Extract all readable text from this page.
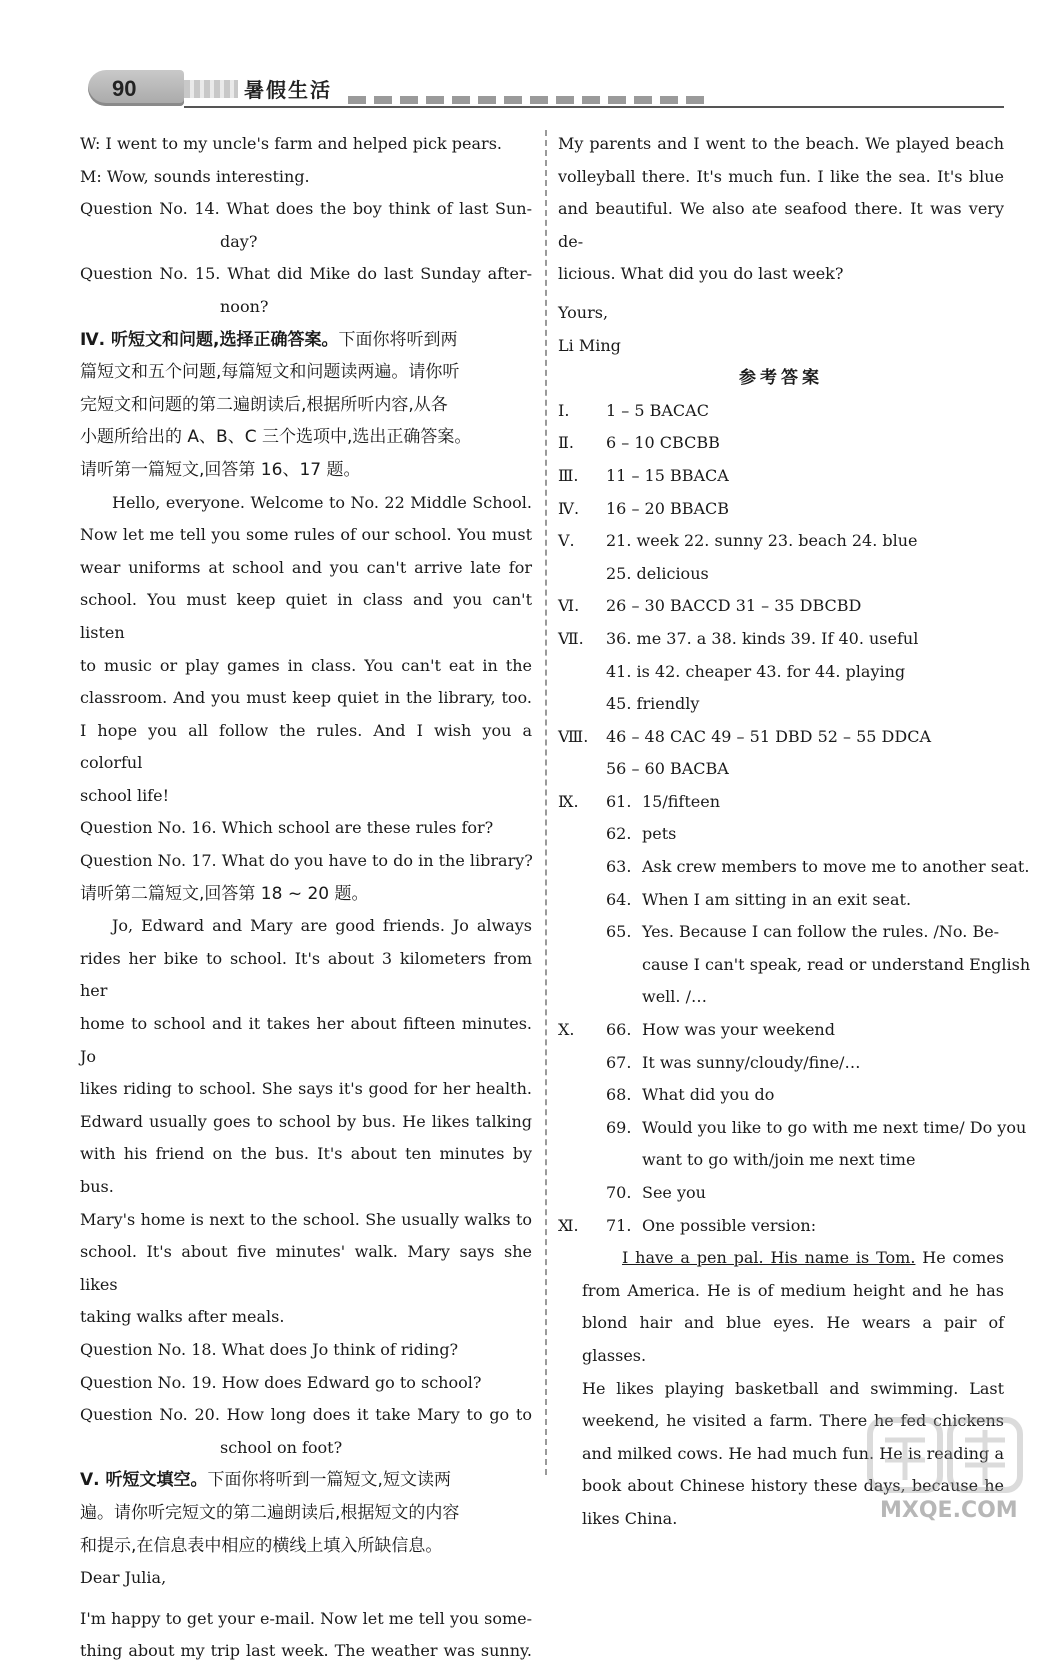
90	暑假生活

W: I went to my uncle's farm and helped pick pears.

M: Wow, sounds interesting.

Question No. 14. What does the boy think of last Sun-

day?

Question No. 15. What did Mike do last Sunday after-

noon?

Ⅳ. 听短文和问题,选择正确答案。下面你将听到两

篇短文和五个问题,每篇短文和问题读两遍。请你听

完短文和问题的第二遍朗读后,根据所听内容,从各

小题所给出的 A、B、C 三个选项中,选出正确答案。

请听第一篇短文,回答第 16、17 题。

Hello, everyone. Welcome to No. 22 Middle School.

Now let me tell you some rules of our school. You must

wear uniforms at school and you can't arrive late for

school. You must keep quiet in class and you can't listen

to music or play games in class. You can't eat in the

classroom. And you must keep quiet in the library, too.

I hope you all follow the rules. And I wish you a colorful

school life!

Question No. 16. Which school are these rules for?

Question No. 17. What do you have to do in the library?

请听第二篇短文,回答第 18 ~ 20 题。

Jo, Edward and Mary are good friends. Jo always

rides her bike to school. It's about 3 kilometers from her

home to school and it takes her about fifteen minutes. Jo

likes riding to school. She says it's good for her health.

Edward usually goes to school by bus. He likes talking

with his friend on the bus. It's about ten minutes by bus.

Mary's home is next to the school. She usually walks to

school. It's about five minutes' walk. Mary says she likes

taking walks after meals.

Question No. 18. What does Jo think of riding?

Question No. 19. How does Edward go to school?

Question No. 20. How long does it take Mary to go to

school on foot?

Ⅴ. 听短文填空。下面你将听到一篇短文,短文读两

遍。请你听完短文的第二遍朗读后,根据短文的内容

和提示,在信息表中相应的横线上填入所缺信息。

Dear Julia,

I'm happy to get your e-mail. Now let me tell you some-

thing about my trip last week. The weather was sunny.

My parents and I went to the beach. We played beach

volleyball there. It's much fun. I like the sea. It's blue

and beautiful. We also ate seafood there. It was very de-

licious. What did you do last week?

Yours,

Li Ming

参考答案

Ⅰ.	1 – 5 BACAC
Ⅱ.	6 – 10 CBCBB
Ⅲ.	11 – 15 BBACA
Ⅳ.	16 – 20 BBACB
Ⅴ.	21. week 22. sunny 23. beach 24. blue

25. delicious

Ⅵ.	26 – 30 BACCD 31 – 35 DBCBD
Ⅶ.	36. me 37. a 38. kinds 39. If 40. useful

41. is 42. cheaper 43. for 44. playing

45. friendly

Ⅷ.	46 – 48 CAC 49 – 51 DBD 52 – 55 DDCA

56 – 60 BACBA

Ⅸ.	61. 15/fifteen

62. pets

63. Ask crew members to move me to another seat.

64. When I am sitting in an exit seat.

65. Yes. Because I can follow the rules. /No. Be-

cause I can't speak, read or understand English

well. /…

Ⅹ.	66. How was your weekend

67. It was sunny/cloudy/fine/…

68. What did you do

69. Would you like to go with me next time/ Do you

want to go with/join me next time

70. See you

Ⅺ.	71. One possible version:

I have a pen pal. His name is Tom. He comes

from America. He is of medium height and he has

blond hair and blue eyes. He wears a pair of glasses.

He likes playing basketball and swimming. Last

weekend, he visited a farm. There he fed chickens

and milked cows. He had much fun. He is reading a

book about Chinese history these days, because he

likes China.	MXQE.COM
